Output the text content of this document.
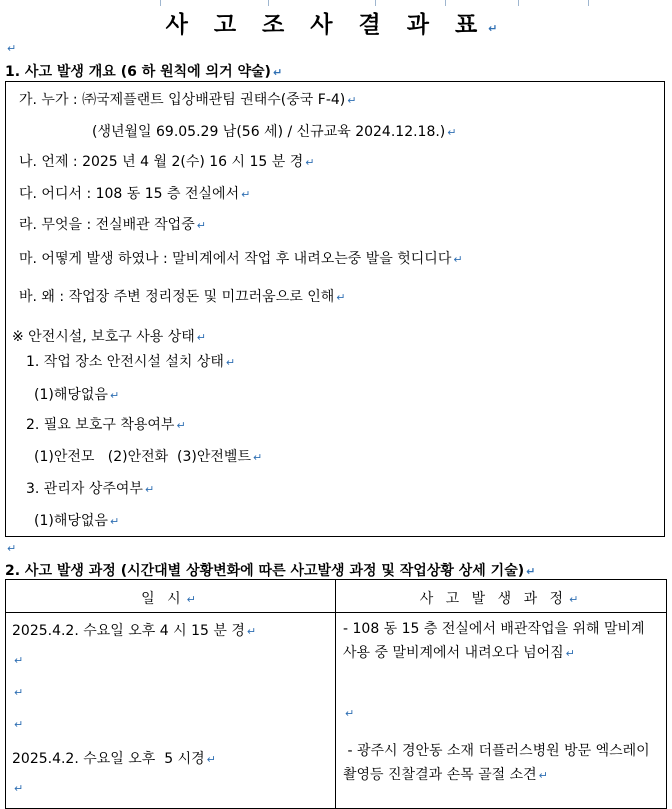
사 고 조 사 결 과 표 ↵
↵
1. 사고 발생 개요 (6 하 원칙에 의거 약술) ↵
가. 누가 : ㈜국제플랜트 입상배관팀 권태수(중국 F-4) ↵
(생년월일 69.05.29 남(56 세) / 신규교육 2024.12.18.) ↵
나. 언제 : 2025 년 4 월 2(수) 16 시 15 분 경 ↵
다. 어디서 : 108 동 15 층 전실에서 ↵
라. 무엇을 : 전실배관 작업중 ↵
마. 어떻게 발생 하였나 : 말비계에서 작업 후 내려오는중 발을 헛디디다 ↵
바. 왜 : 작업장 주변 정리정돈 및 미끄러움으로 인해 ↵
※ 안전시설, 보호구 사용 상태 ↵
1. 작업 장소 안전시설 설치 상태 ↵
(1)해당없음 ↵
2. 필요 보호구 착용여부 ↵
(1)안전모   (2)안전화  (3)안전벨트 ↵
3. 관리자 상주여부 ↵
(1)해당없음 ↵
↵
2. 사고 발생 과정 (시간대별 상황변화에 따른 사고발생 과정 및 작업상황 상세 기술) ↵
일 시 ↵	사 고 발 생 과 정 ↵
2025.4.2. 수요일 오후 4 시 15 분 경 ↵
↵
↵
↵
2025.4.2. 수요일 오후  5 시경 ↵
↵
- 108 동 15 층 전실에서 배관작업을 위해 말비계 사용 중 말비계에서 내려오다 넘어짐 ↵
↵
- 광주시 경안동 소재 더플러스병원 방문 엑스레이 촬영등 진찰결과 손목 골절 소견 ↵
